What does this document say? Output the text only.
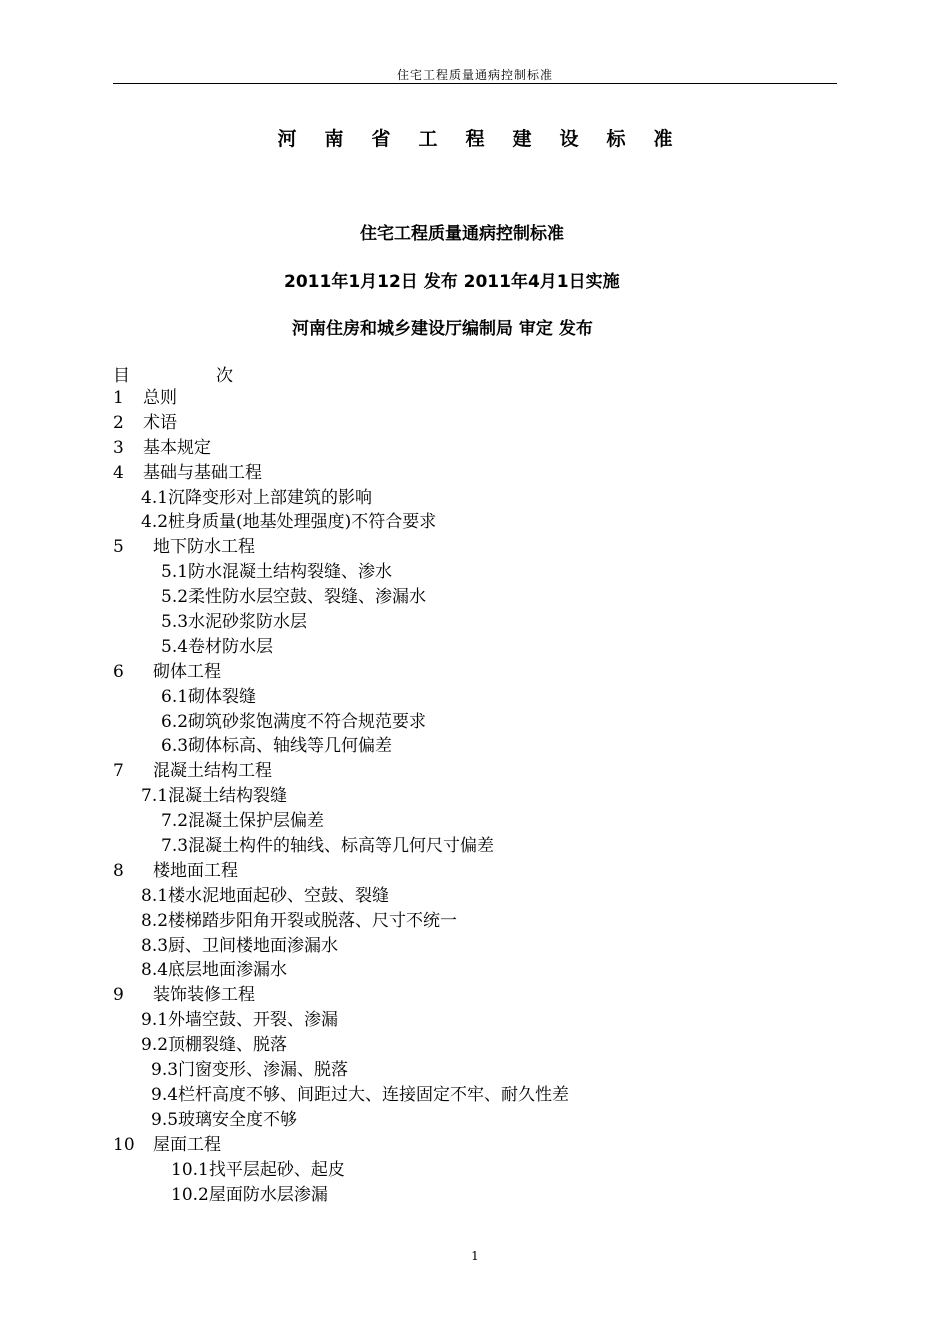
住宅工程质量通病控制标准
河南省工程建设标准
住宅工程质量通病控制标准
2011年1月12日 发布 2011年4月1日实施
河南住房和城乡建设厅编制局 审定 发布
目	次
1 总则
2 术语
3 基本规定
4 基础与基础工程
4.1沉降变形对上部建筑的影响
4.2桩身质量(地基处理强度)不符合要求
5 地下防水工程
5.1防水混凝土结构裂缝、渗水
5.2柔性防水层空鼓、裂缝、渗漏水
5.3水泥砂浆防水层
5.4卷材防水层
6 砌体工程
6.1砌体裂缝
6.2砌筑砂浆饱满度不符合规范要求
6.3砌体标高、轴线等几何偏差
7 混凝土结构工程
7.1混凝土结构裂缝
7.2混凝土保护层偏差
7.3混凝土构件的轴线、标高等几何尺寸偏差
8 楼地面工程
8.1楼水泥地面起砂、空鼓、裂缝
8.2楼梯踏步阳角开裂或脱落、尺寸不统一
8.3厨、卫间楼地面渗漏水
8.4底层地面渗漏水
9 装饰装修工程
9.1外墙空鼓、开裂、渗漏
9.2顶棚裂缝、脱落
9.3门窗变形、渗漏、脱落
9.4栏杆高度不够、间距过大、连接固定不牢、耐久性差
9.5玻璃安全度不够
10 屋面工程
10.1找平层起砂、起皮
10.2屋面防水层渗漏
1
